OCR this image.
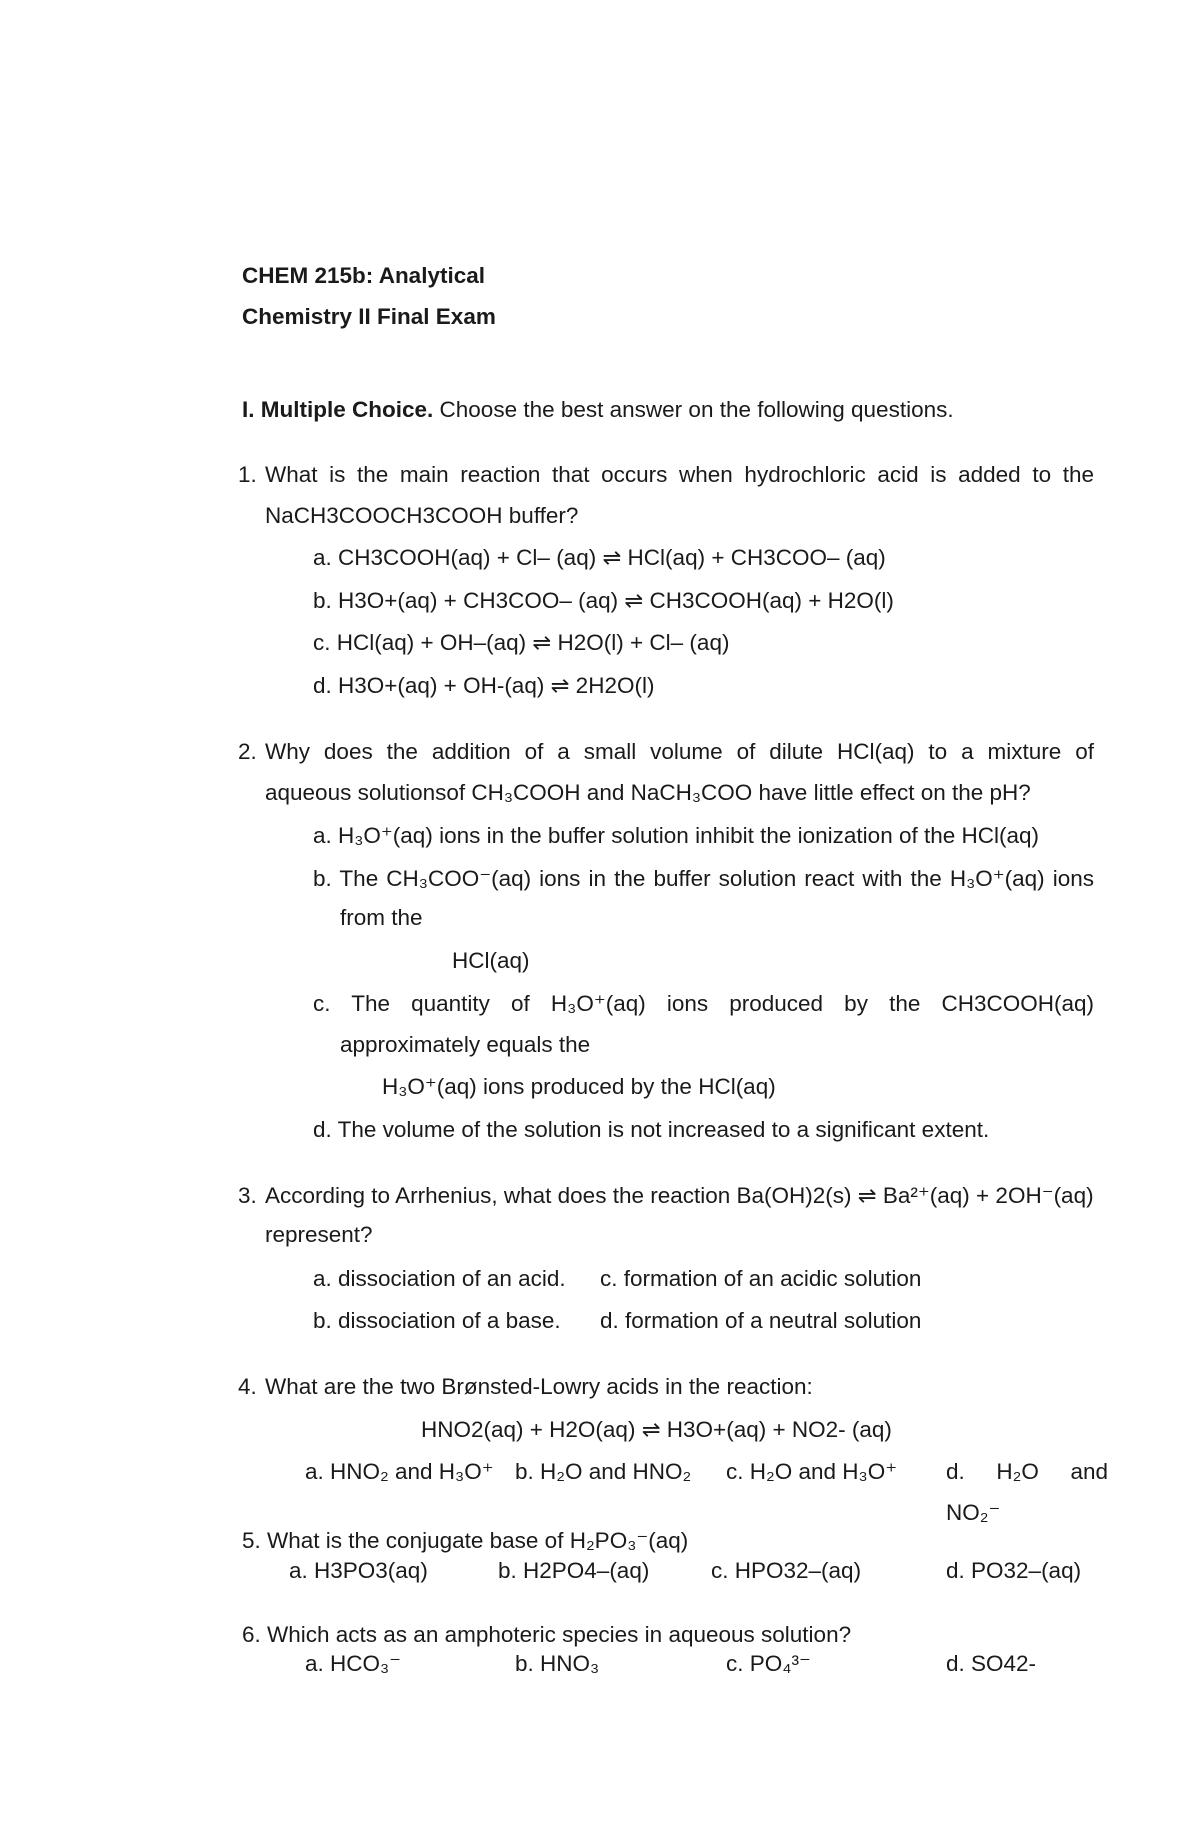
CHEM 215b: Analytical
Chemistry II Final Exam
I. Multiple Choice. Choose the best answer on the following questions.
1. What is the main reaction that occurs when hydrochloric acid is added to the
NaCH3COOCH3COOH buffer?
a. CH3COOH(aq) + Cl– (aq) ⇌ HCl(aq) + CH3COO– (aq)
b. H3O+(aq) + CH3COO– (aq) ⇌ CH3COOH(aq) + H2O(l)
c. HCl(aq) + OH–(aq) ⇌ H2O(l) + Cl– (aq)
d. H3O+(aq) + OH-(aq) ⇌ 2H2O(l)
2. Why does the addition of a small volume of dilute HCl(aq) to a mixture of
aqueous solutionsof CH₃COOH and NaCH₃COO have little effect on the pH?
a. H₃O⁺(aq) ions in the buffer solution inhibit the ionization of the HCl(aq)
b. The CH₃COO⁻(aq) ions in the buffer solution react with the H₃O⁺(aq) ions
from the
HCl(aq)
c. The quantity of H₃O⁺(aq) ions produced by the CH3COOH(aq)
approximately equals the
H₃O⁺(aq) ions produced by the HCl(aq)
d. The volume of the solution is not increased to a significant extent.
3. According to Arrhenius, what does the reaction Ba(OH)2(s) ⇌ Ba²⁺(aq) + 2OH⁻(aq)
represent?
a. dissociation of an acid. c. formation of an acidic solution
b. dissociation of a base. d. formation of a neutral solution
4. What are the two Brønsted-Lowry acids in the reaction:
HNO2(aq) + H2O(aq) ⇌ H3O+(aq) + NO2- (aq)
a. HNO₂ and H₃O⁺ b. H₂O and HNO₂ c. H₂O and H₃O⁺ d. H₂O and NO₂⁻
5. What is the conjugate base of H₂PO₃⁻(aq)
a. H3PO3(aq)	b. H2PO4–(aq)	c. HPO32–(aq)	d. PO32–(aq)
6. Which acts as an amphoteric species in aqueous solution?
a. HCO₃⁻	b. HNO₃	c. PO₄³⁻	d. SO42-
